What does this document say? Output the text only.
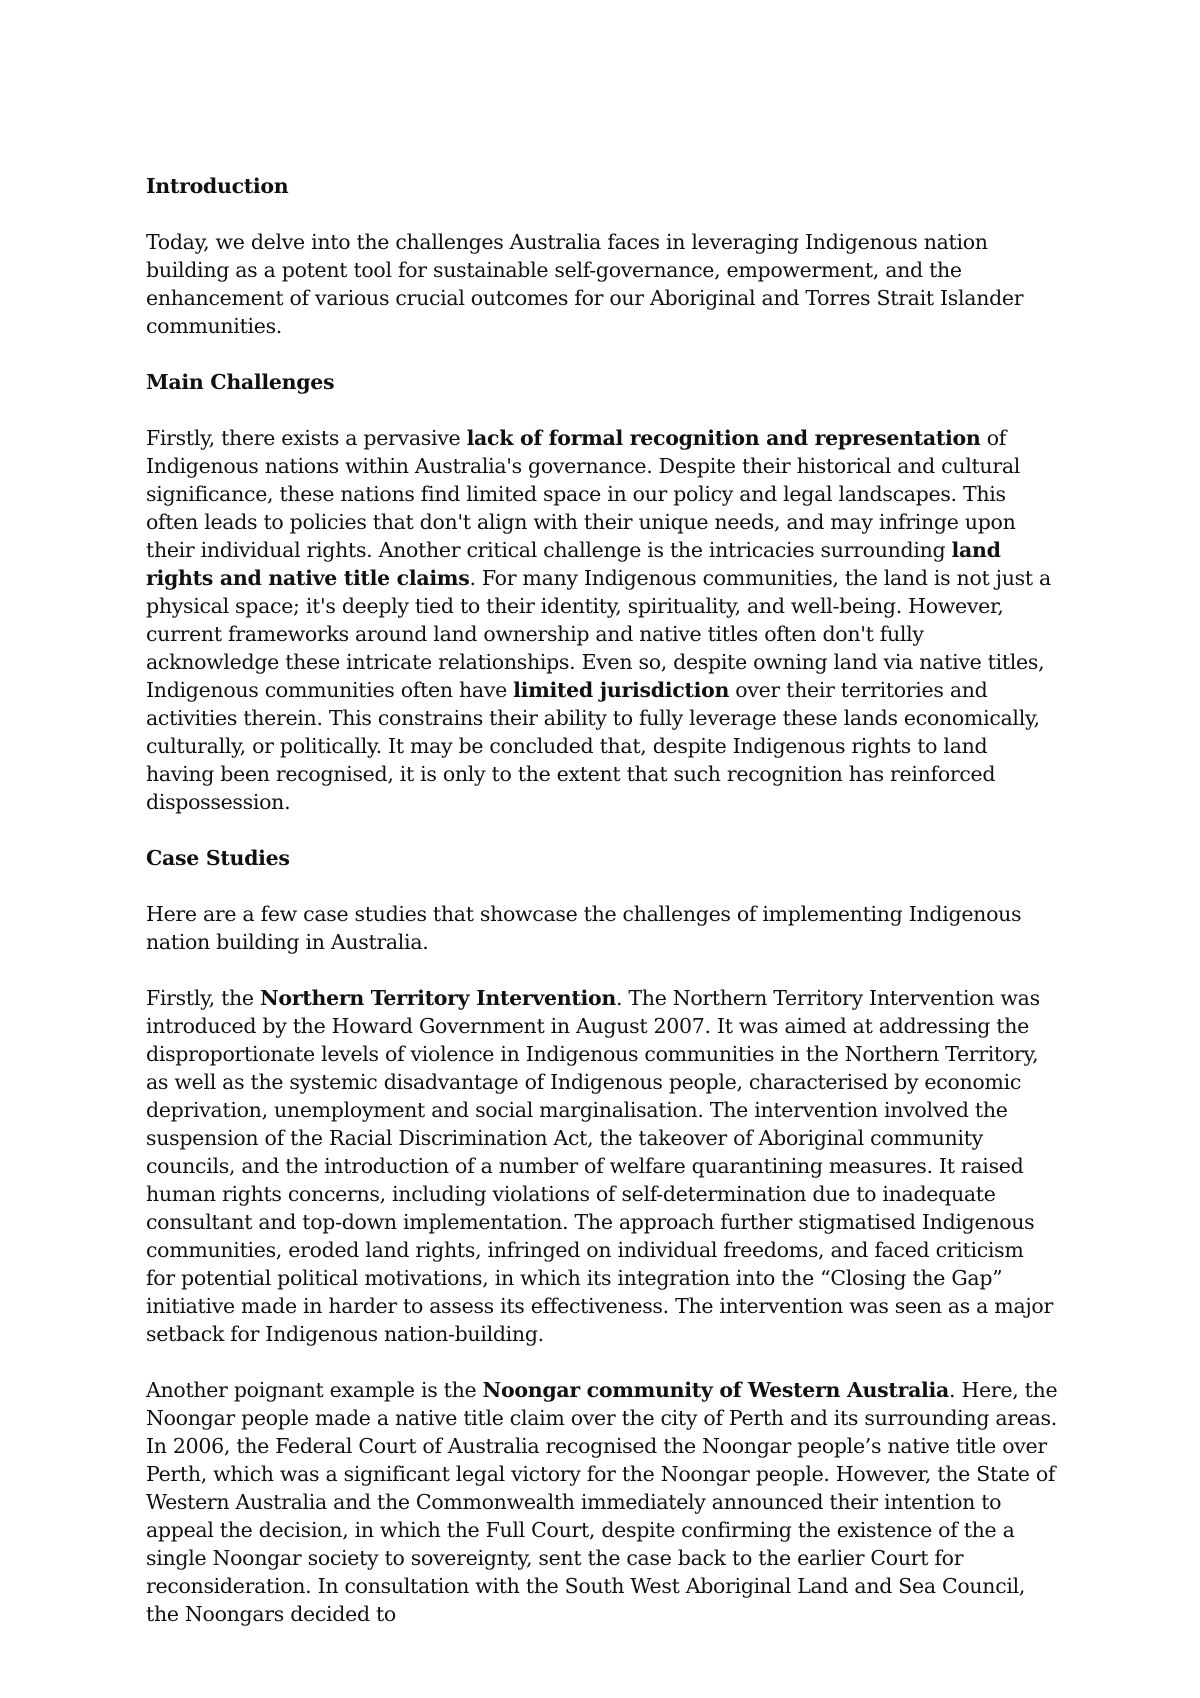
Introduction
Today, we delve into the challenges Australia faces in leveraging Indigenous nation building as a potent tool for sustainable self-governance, empowerment, and the enhancement of various crucial outcomes for our Aboriginal and Torres Strait Islander communities.
Main Challenges
Firstly, there exists a pervasive lack of formal recognition and representation of Indigenous nations within Australia's governance. Despite their historical and cultural significance, these nations find limited space in our policy and legal landscapes. This often leads to policies that don't align with their unique needs, and may infringe upon their individual rights. Another critical challenge is the intricacies surrounding land rights and native title claims. For many Indigenous communities, the land is not just a physical space; it's deeply tied to their identity, spirituality, and well-being. However, current frameworks around land ownership and native titles often don't fully acknowledge these intricate relationships. Even so, despite owning land via native titles, Indigenous communities often have limited jurisdiction over their territories and activities therein. This constrains their ability to fully leverage these lands economically, culturally, or politically. It may be concluded that, despite Indigenous rights to land having been recognised, it is only to the extent that such recognition has reinforced dispossession.
Case Studies
Here are a few case studies that showcase the challenges of implementing Indigenous nation building in Australia.
Firstly, the Northern Territory Intervention. The Northern Territory Intervention was introduced by the Howard Government in August 2007. It was aimed at addressing the disproportionate levels of violence in Indigenous communities in the Northern Territory, as well as the systemic disadvantage of Indigenous people, characterised by economic deprivation, unemployment and social marginalisation. The intervention involved the suspension of the Racial Discrimination Act, the takeover of Aboriginal community councils, and the introduction of a number of welfare quarantining measures. It raised human rights concerns, including violations of self-determination due to inadequate consultant and top-down implementation. The approach further stigmatised Indigenous communities, eroded land rights, infringed on individual freedoms, and faced criticism for potential political motivations, in which its integration into the “Closing the Gap” initiative made in harder to assess its effectiveness. The intervention was seen as a major setback for Indigenous nation-building.
Another poignant example is the Noongar community of Western Australia. Here, the Noongar people made a native title claim over the city of Perth and its surrounding areas. In 2006, the Federal Court of Australia recognised the Noongar people’s native title over Perth, which was a significant legal victory for the Noongar people. However, the State of Western Australia and the Commonwealth immediately announced their intention to appeal the decision, in which the Full Court, despite confirming the existence of the a single Noongar society to sovereignty, sent the case back to the earlier Court for reconsideration. In consultation with the South West Aboriginal Land and Sea Council, the Noongars decided to
